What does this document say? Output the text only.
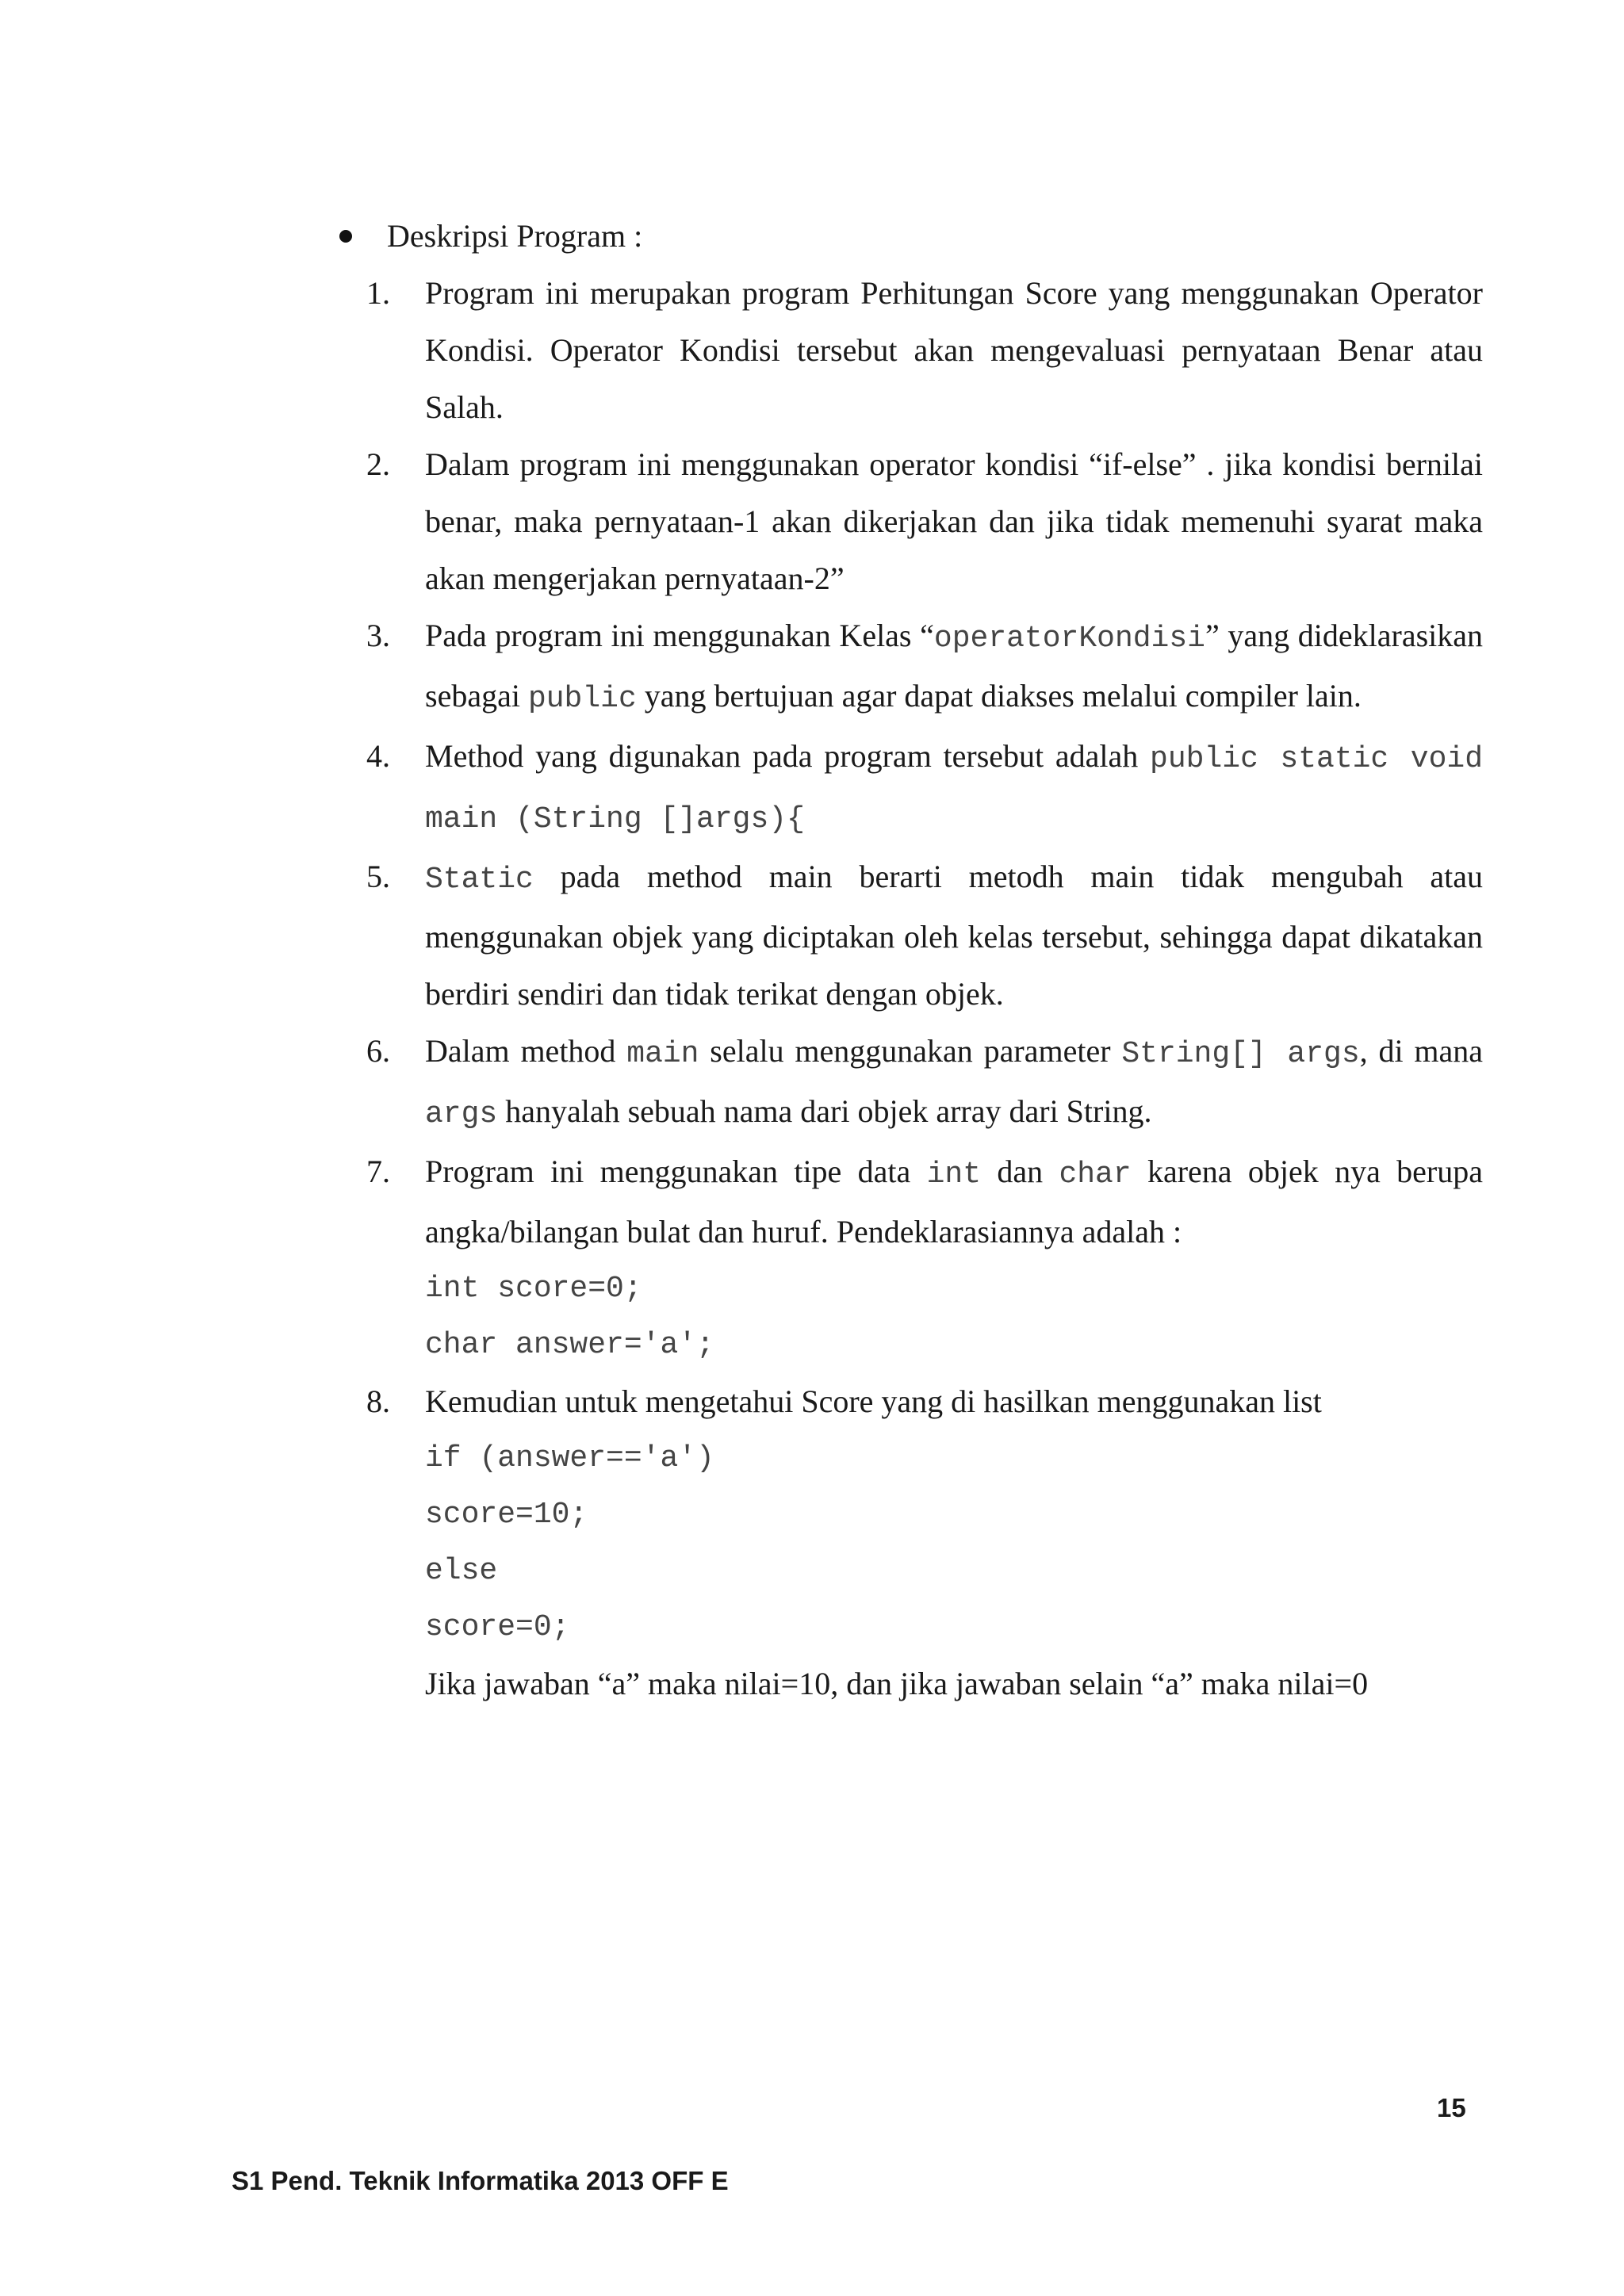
Deskripsi Program :
1. Program ini merupakan program Perhitungan Score yang menggunakan Operator Kondisi. Operator Kondisi tersebut akan mengevaluasi pernyataan Benar atau Salah.
2. Dalam program ini menggunakan operator kondisi “if-else” . jika kondisi bernilai benar, maka pernyataan-1 akan dikerjakan dan jika tidak memenuhi syarat maka akan mengerjakan pernyataan-2”
3. Pada program ini menggunakan Kelas “operatorKondisi” yang dideklarasikan sebagai public yang bertujuan agar dapat diakses melalui compiler lain.
4. Method yang digunakan pada program tersebut adalah public static void main (String []args){
5. Static pada method main berarti metodh main tidak mengubah atau menggunakan objek yang diciptakan oleh kelas tersebut, sehingga dapat dikatakan berdiri sendiri dan tidak terikat dengan objek.
6. Dalam method main selalu menggunakan parameter String[] args, di mana args hanyalah sebuah nama dari objek array dari String.
7. Program ini menggunakan tipe data int dan char karena objek nya berupa angka/bilangan bulat dan huruf. Pendeklarasiannya adalah :
int score=0;
char answer='a';
8. Kemudian untuk mengetahui Score yang di hasilkan menggunakan list
if (answer=='a')
score=10;
else
score=0;
Jika jawaban “a” maka nilai=10, dan jika jawaban selain “a” maka nilai=0
15
S1 Pend. Teknik Informatika 2013 OFF E
